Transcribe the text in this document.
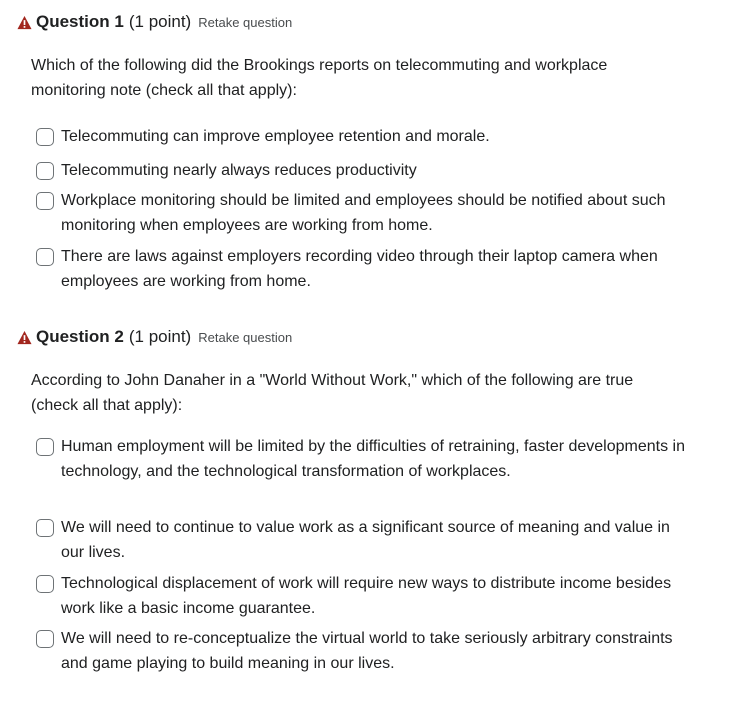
Question 1 (1 point) Retake question

Which of the following did the Brookings reports on telecommuting and workplace monitoring note (check all that apply):

Telecommuting can improve employee retention and morale.
Telecommuting nearly always reduces productivity
Workplace monitoring should be limited and employees should be notified about such monitoring when employees are working from home.
There are laws against employers recording video through their laptop camera when employees are working from home.
Question 2 (1 point) Retake question

According to John Danaher in a "World Without Work," which of the following are true (check all that apply):

Human employment will be limited by the difficulties of retraining, faster developments in technology, and the technological transformation of workplaces.
We will need to continue to value work as a significant source of meaning and value in our lives.
Technological displacement of work will require new ways to distribute income besides work like a basic income guarantee.
We will need to re-conceptualize the virtual world to take seriously arbitrary constraints and game playing to build meaning in our lives.
